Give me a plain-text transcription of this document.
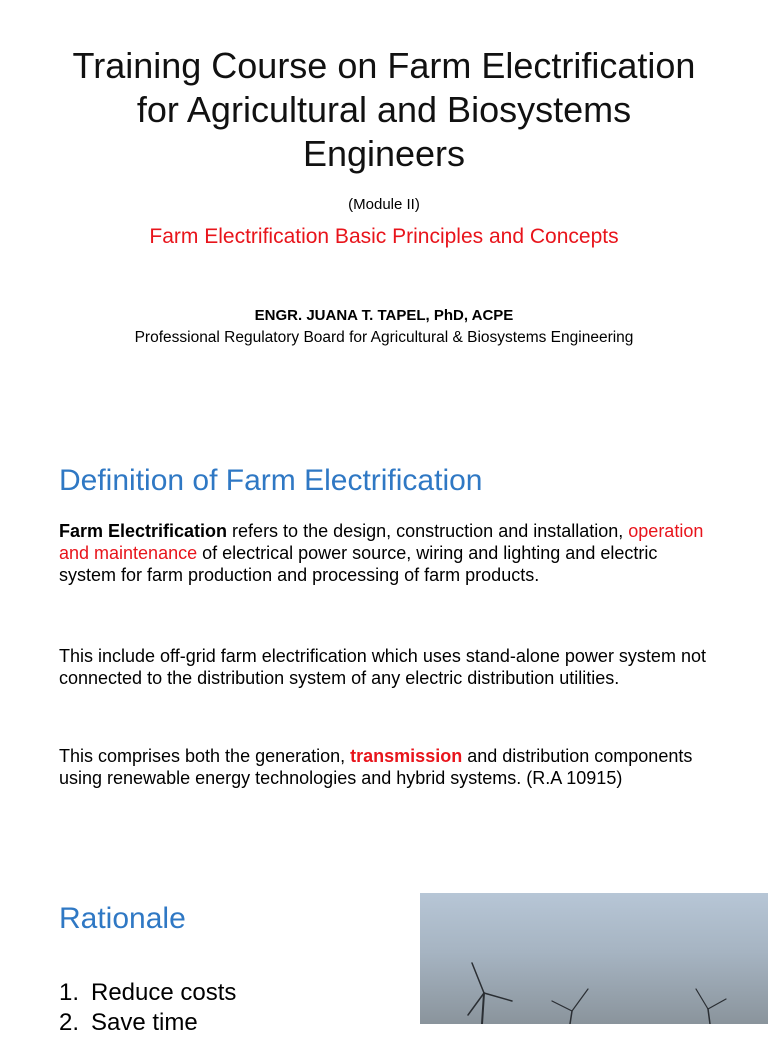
Training Course on Farm Electrification for Agricultural and Biosystems Engineers
(Module II)
Farm Electrification Basic Principles and Concepts
ENGR. JUANA T. TAPEL, PhD, ACPE
Professional Regulatory Board for Agricultural & Biosystems Engineering
Definition of Farm Electrification
Farm Electrification refers to the design, construction and installation, operation and maintenance of electrical power source, wiring and lighting and electric system for farm production and processing of farm products.
This include off-grid farm electrification which uses stand-alone power system not connected to the distribution system of any electric distribution utilities.
This comprises both the generation, transmission and distribution components using renewable energy technologies and hybrid systems. (R.A 10915)
Rationale
1. Reduce costs
2. Save time
